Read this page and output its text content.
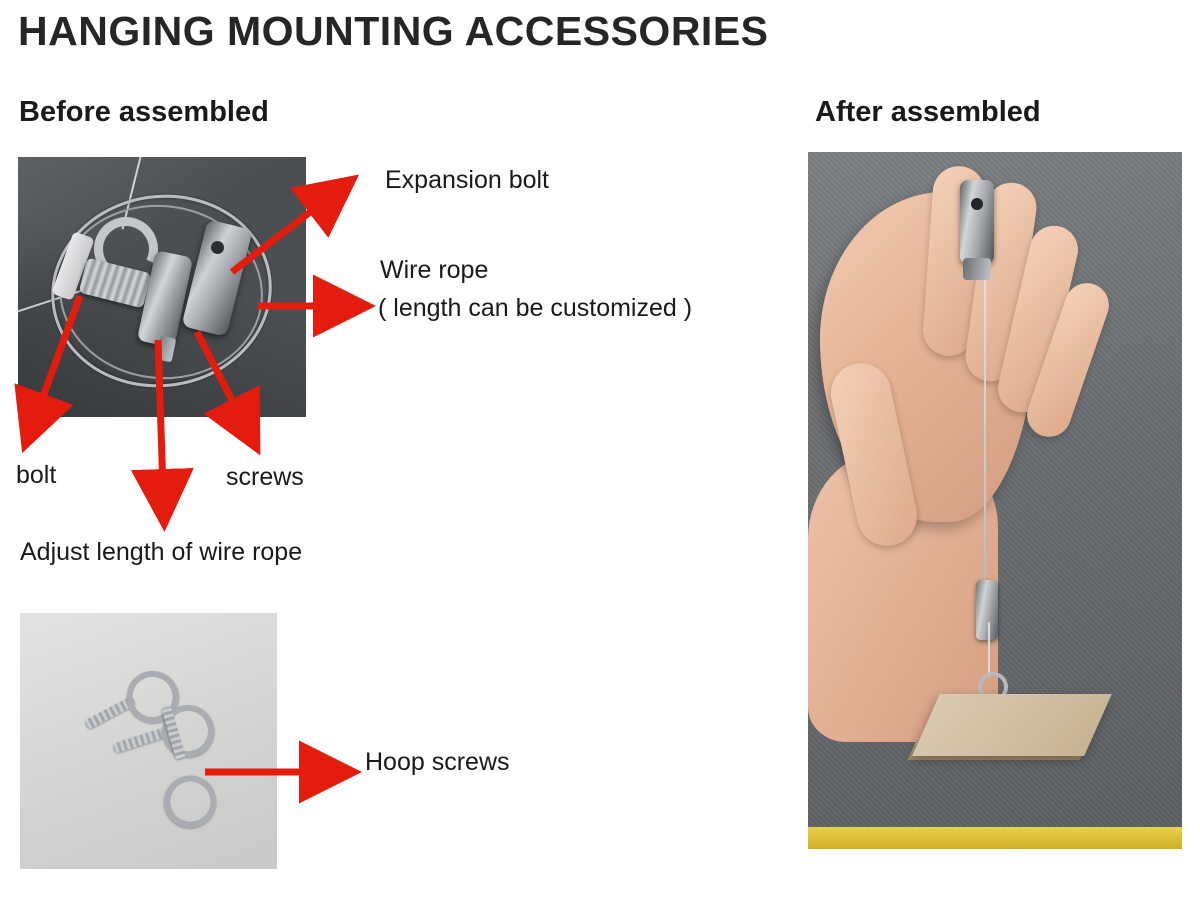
HANGING MOUNTING ACCESSORIES
Before assembled	After assembled
Expansion bolt
Wire rope
( length can be customized )
bolt	screws
Adjust length of wire rope
Hoop screws
